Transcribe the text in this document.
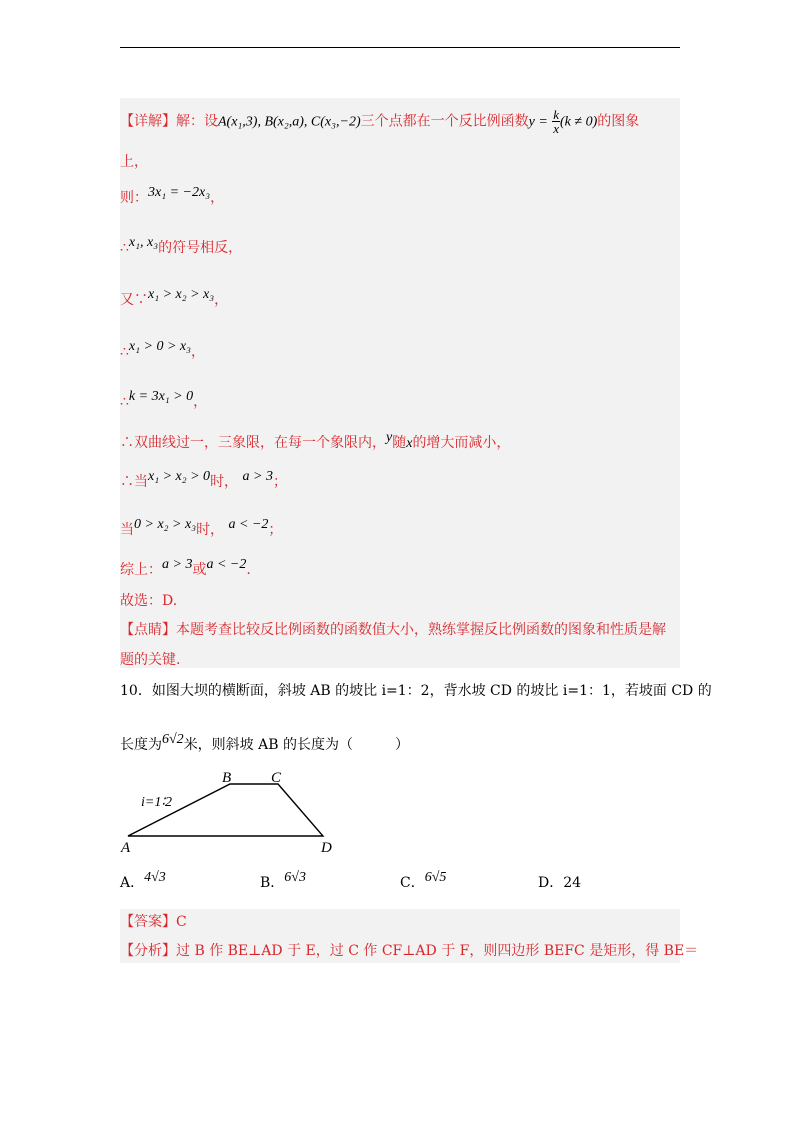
【详解】解：设A(x₁,3), B(x₂,a), C(x₃,−2)三个点都在一个反比例函数$y = \frac{k}{x} (k \ne 0)$的图象
上，
则：3x₁ = −2x₃，
∴x₁, x₃的符号相反，
又∵x₁ > x₂ > x₃，
∴x₁ > 0 > x₃，
∴k = 3x₁ > 0，
∴双曲线过一，三象限，在每一个象限内，y随x的增大而减小，
∴当x₁ > x₂ > 0时， a > 3；
当0 > x₂ > x₃时， a < −2；
综上：a > 3或a < −2.
故选：D.
【点睛】本题考查比较反比例函数的函数值大小，熟练掌握反比例函数的图象和性质是解
题的关键.
10．如图大坝的横断面，斜坡 AB 的坡比 i=1：2，背水坡 CD 的坡比 i=1：1，若坡面 CD 的
长度为6√2米，则斜坡 AB 的长度为（　　　）
B	C
i=1∶2
A	D
A．4√3	B．6√3	C．6√5	D．24
【答案】C
【分析】过 B 作 BE⊥AD 于 E，过 C 作 CF⊥AD 于 F，则四边形 BEFC 是矩形，得 BE＝
